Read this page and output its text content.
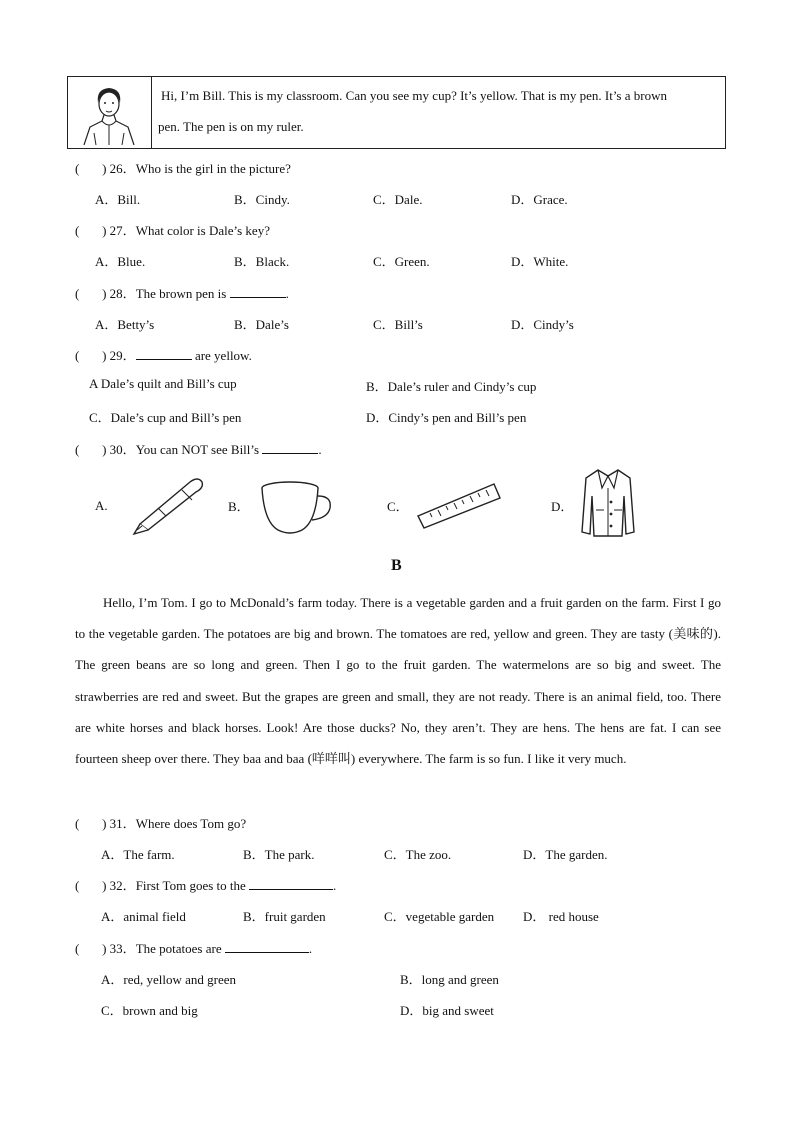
Hi, I’m Bill. This is my classroom. Can you see my cup? It’s yellow. That is my pen. It’s a brown
pen. The pen is on my ruler.
(       ) 26．Who is the girl in the picture?
A．Bill.	B．Cindy.	C．Dale.	D．Grace.
(       ) 27．What color is Dale’s key?
A．Blue.	B．Black.	C．Green.	D．White.
(       ) 28．The brown pen is	.
A．Betty’s	B．Dale’s	C．Bill’s	D．Cindy’s
(       ) 29．	are yellow.
A Dale’s quilt and Bill’s cup	B．Dale’s ruler and Cindy’s cup
C．Dale’s cup and Bill’s pen	D．Cindy’s pen and Bill’s pen
(       ) 30．You can NOT see Bill’s	.
A.	B．	C．	D．
B
Hello, I’m Tom. I go to McDonald’s farm today. There is a vegetable garden and a fruit garden on the farm. First I go to the vegetable garden. The potatoes are big and brown. The tomatoes are red, yellow and green. They are tasty (美味的). The green beans are so long and green. Then I go to the fruit garden. The watermelons are so big and sweet. The strawberries are red and sweet. But the grapes are green and small, they are not ready. There is an animal field, too. There are white horses and black horses. Look! Are those ducks? No, they aren’t. They are hens. The hens are fat. I can see fourteen sheep over there. They baa and baa (咩咩叫) everywhere. The farm is so fun. I like it very much.
(       ) 31．Where does Tom go?
A．The farm.	B．The park.	C．The zoo.	D．The garden.
(       ) 32．First Tom goes to the	.
A．animal field	B．fruit garden	C．vegetable garden D． red house
(       ) 33．The potatoes are	.
A．red, yellow and green	B．long and green
C．brown and big	D．big and sweet
